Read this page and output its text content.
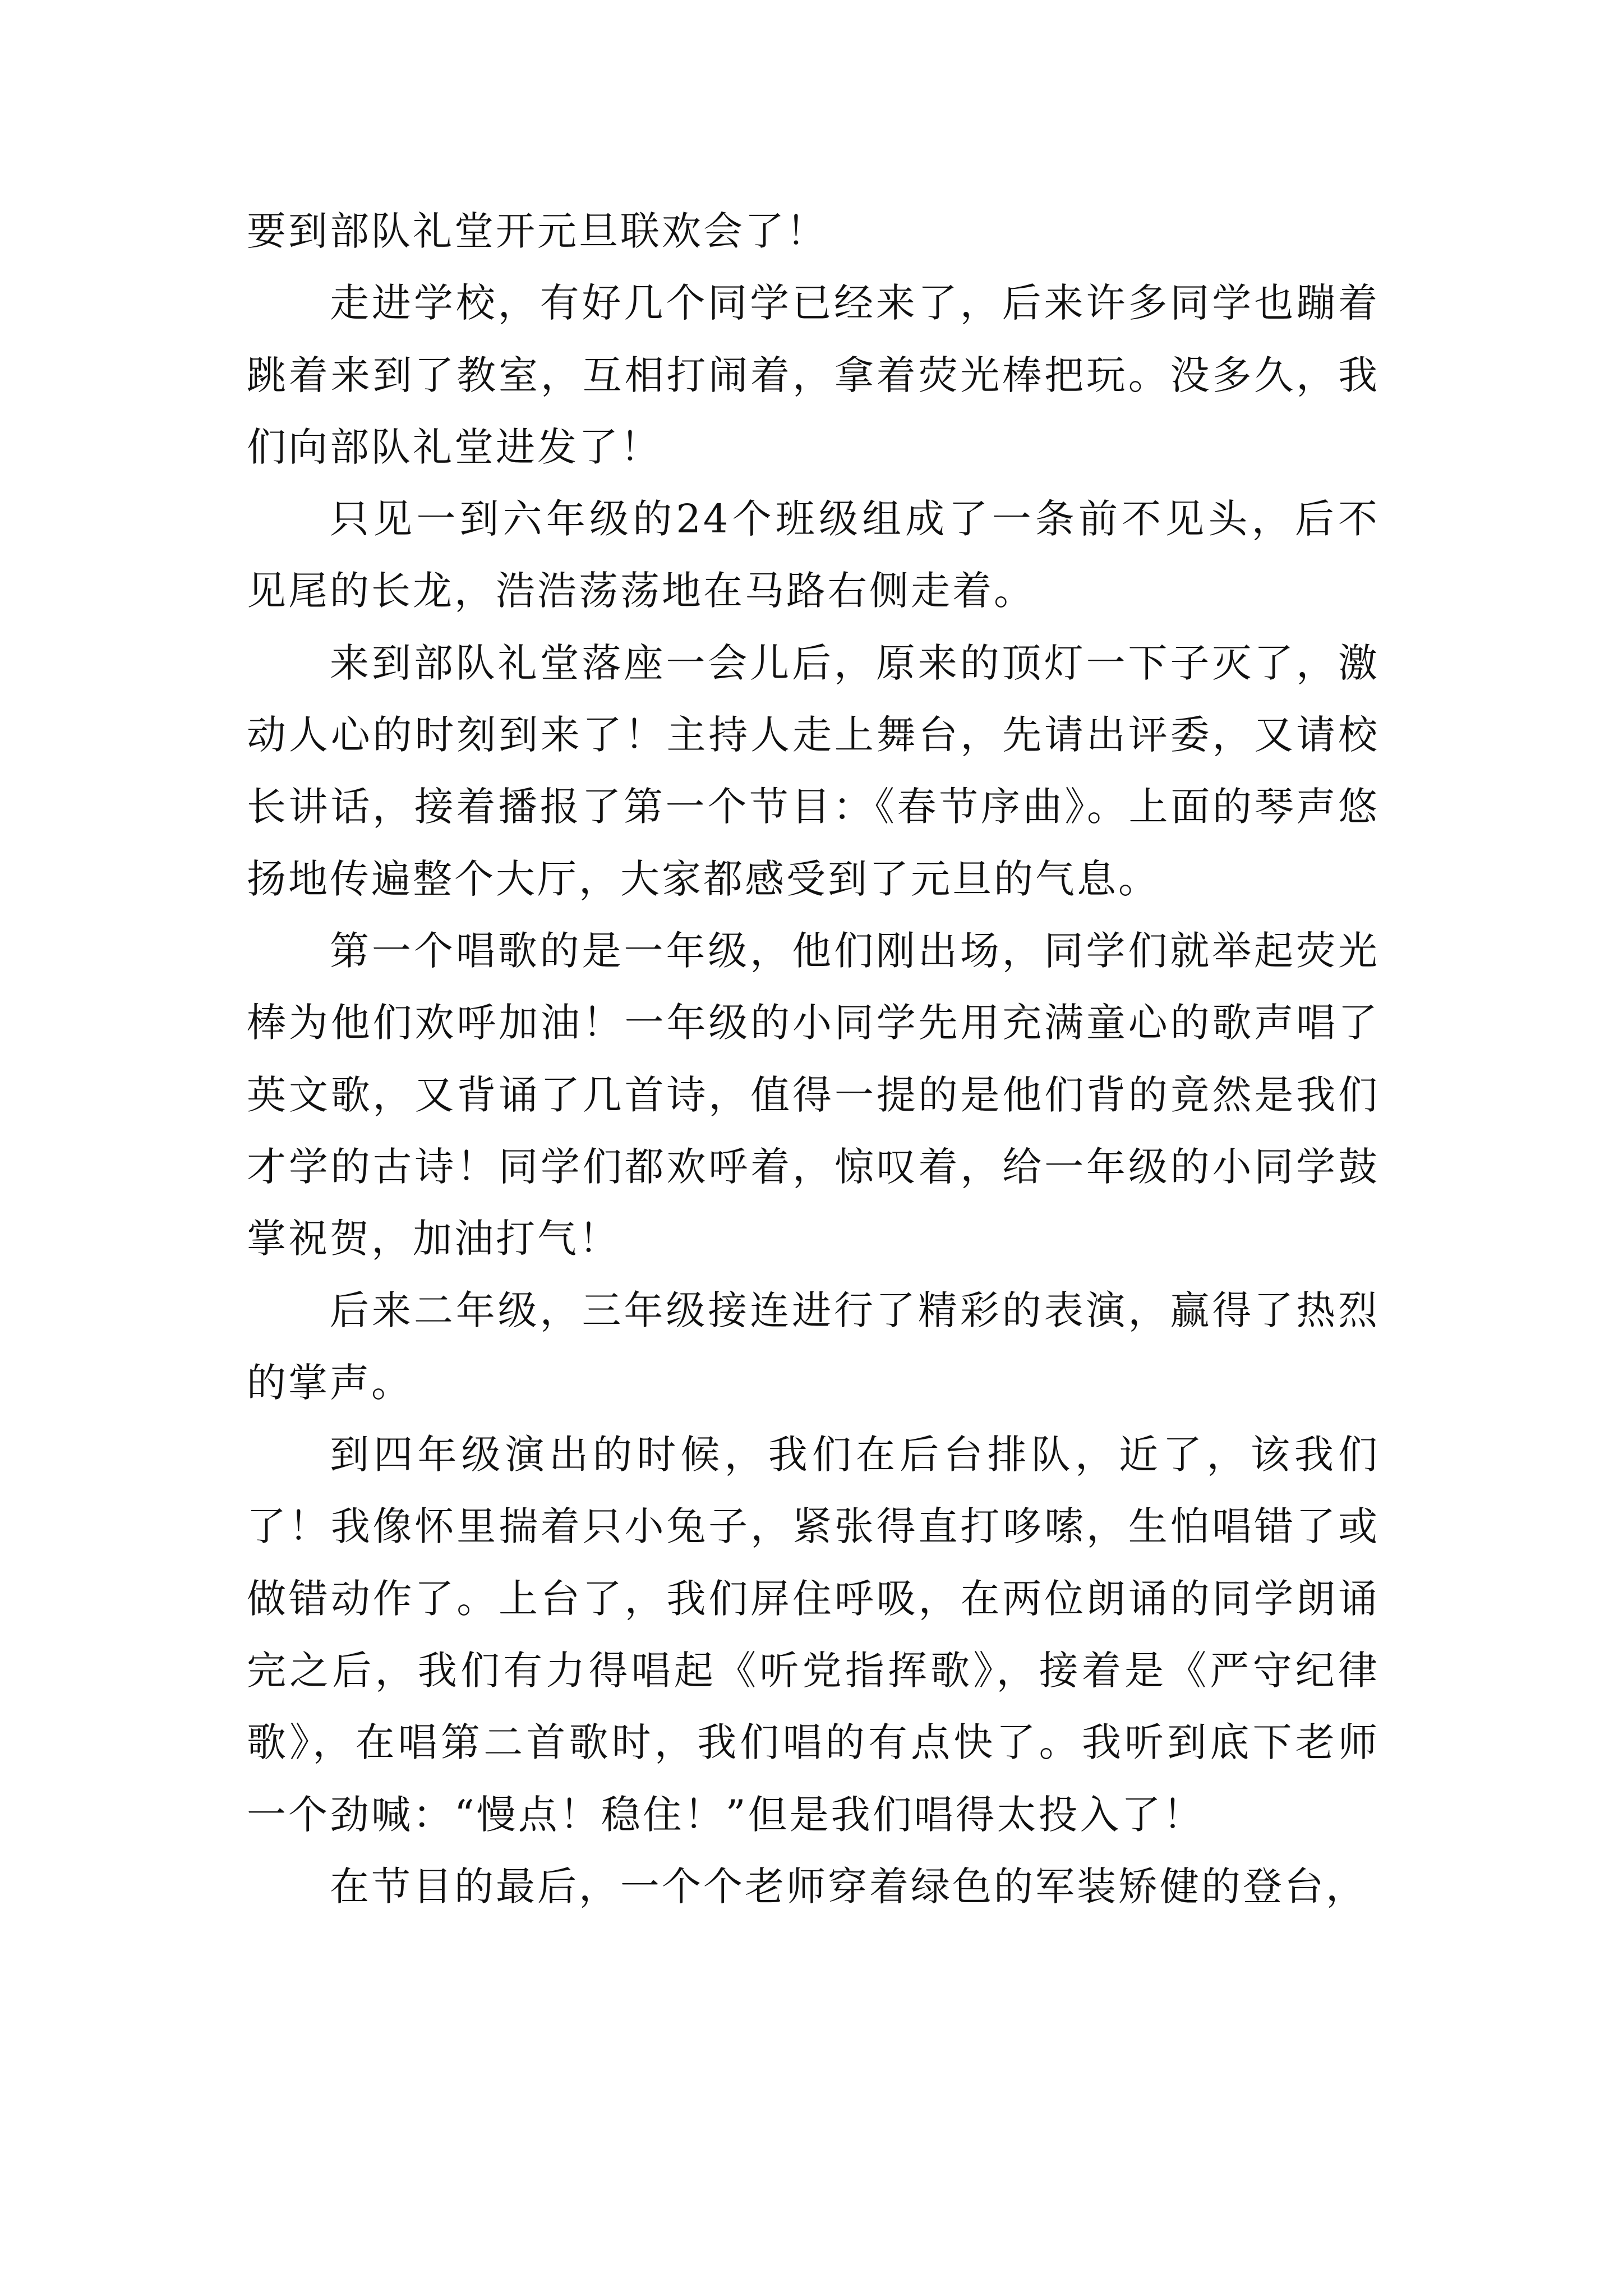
要到部队礼堂开元旦联欢会了！

走进学校，有好几个同学已经来了，后来许多同学也蹦着跳着来到了教室，互相打闹着，拿着荧光棒把玩。没多久，我们向部队礼堂进发了！

只见一到六年级的24个班级组成了一条前不见头，后不见尾的长龙，浩浩荡荡地在马路右侧走着。

来到部队礼堂落座一会儿后，原来的顶灯一下子灭了，激动人心的时刻到来了！主持人走上舞台，先请出评委，又请校长讲话，接着播报了第一个节目：《春节序曲》。上面的琴声悠扬地传遍整个大厅，大家都感受到了元旦的气息。

第一个唱歌的是一年级，他们刚出场，同学们就举起荧光棒为他们欢呼加油！一年级的小同学先用充满童心的歌声唱了英文歌，又背诵了几首诗，值得一提的是他们背的竟然是我们才学的古诗！同学们都欢呼着，惊叹着，给一年级的小同学鼓掌祝贺，加油打气！

后来二年级，三年级接连进行了精彩的表演，赢得了热烈的掌声。

到四年级演出的时候，我们在后台排队，近了，该我们了！我像怀里揣着只小兔子，紧张得直打哆嗦，生怕唱错了或做错动作了。上台了，我们屏住呼吸，在两位朗诵的同学朗诵完之后，我们有力得唱起《听党指挥歌》，接着是《严守纪律歌》，在唱第二首歌时，我们唱的有点快了。我听到底下老师一个劲喊：“慢点！稳住！”但是我们唱得太投入了！

在节目的最后，一个个老师穿着绿色的军装矫健的登台，
